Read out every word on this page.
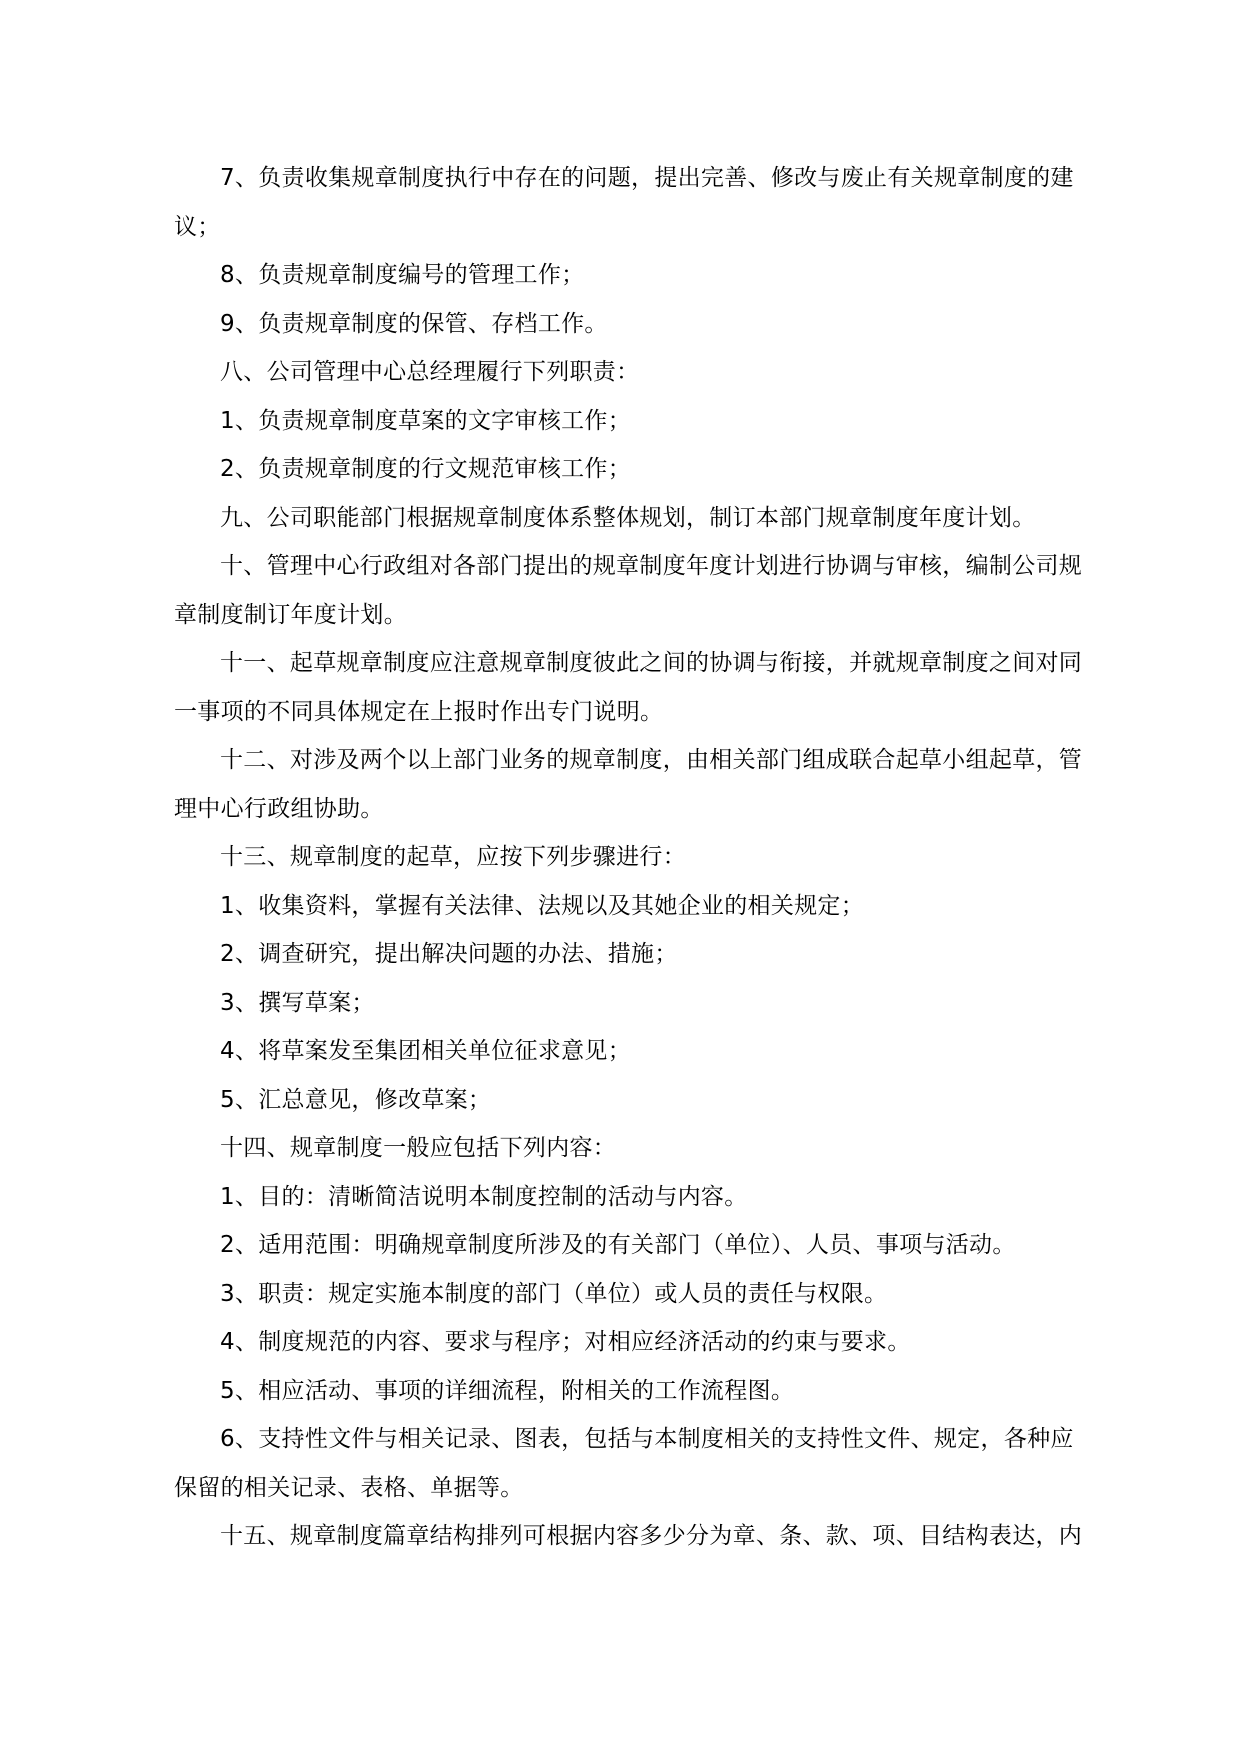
7、负责收集规章制度执行中存在的问题，提出完善、修改与废止有关规章制度的建议；

8、负责规章制度编号的管理工作；

9、负责规章制度的保管、存档工作。

八、公司管理中心总经理履行下列职责：

1、负责规章制度草案的文字审核工作；

2、负责规章制度的行文规范审核工作；

九、公司职能部门根据规章制度体系整体规划，制订本部门规章制度年度计划。

十、管理中心行政组对各部门提出的规章制度年度计划进行协调与审核，编制公司规章制度制订年度计划。

十一、起草规章制度应注意规章制度彼此之间的协调与衔接，并就规章制度之间对同一事项的不同具体规定在上报时作出专门说明。

十二、对涉及两个以上部门业务的规章制度，由相关部门组成联合起草小组起草，管理中心行政组协助。

十三、规章制度的起草，应按下列步骤进行：

1、收集资料，掌握有关法律、法规以及其她企业的相关规定；

2、调查研究，提出解决问题的办法、措施；

3、撰写草案；

4、将草案发至集团相关单位征求意见；

5、汇总意见，修改草案；

十四、规章制度一般应包括下列内容：

1、目的：清晰简洁说明本制度控制的活动与内容。

2、适用范围：明确规章制度所涉及的有关部门（单位）、人员、事项与活动。

3、职责：规定实施本制度的部门（单位）或人员的责任与权限。

4、制度规范的内容、要求与程序；对相应经济活动的约束与要求。

5、相应活动、事项的详细流程，附相关的工作流程图。

6、支持性文件与相关记录、图表，包括与本制度相关的支持性文件、规定，各种应保留的相关记录、表格、单据等。

十五、规章制度篇章结构排列可根据内容多少分为章、条、款、项、目结构表达，内
